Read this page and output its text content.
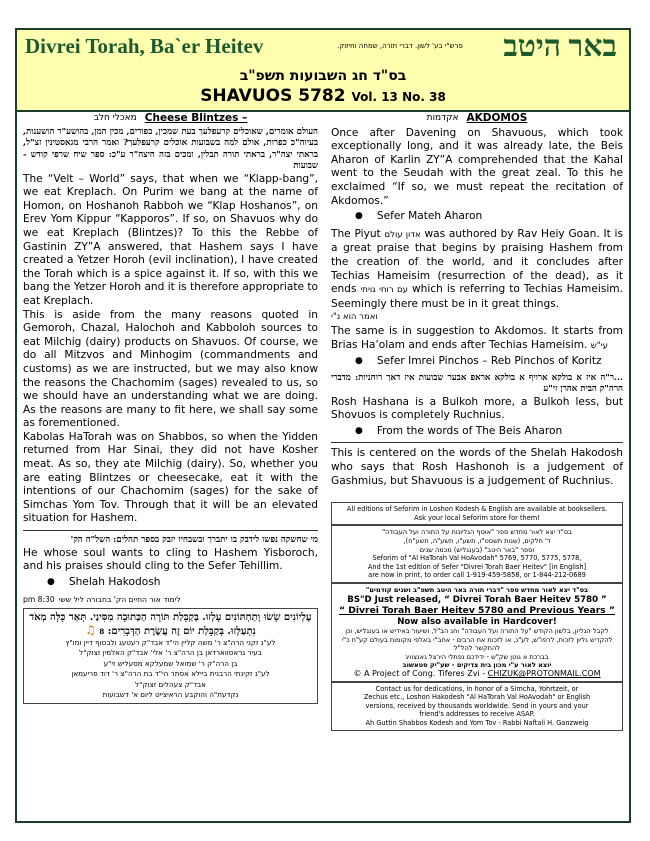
Divrei Torah, Ba`er Heitev	פרש"י בע' לשון. דברי תורה, שמחה וחיזוק. באר היטב
בס"ד חג השבועות תשפ"ב
SHAVUOS 5782 Vol. 13 No. 38
מאכלי חלב Cheese Blintzes –
העולם אומרים, שאוכלים קרעפלעך בעת שמכין, בפורים, מכין המן, בהושע"ר הושענות, בעיוה"כ כפרות, אולם למה בשבועות אוכלים קרעפלעך? ואמר הרבי מגאסטינין זצ"ל, בראתי יצה"ר, בראתי תורה תבלין, ומכים בזה היצה"ר ע"כ: ספר שיח שרפי קודש - שבועות

The “Velt – World” says, that when we “Klapp-bang”, we eat Kreplach. On Purim we bang at the name of Homon, on Hoshanoh Rabboh we “Klap Hoshanos”, on Erev Yom Kippur “Kapporos”. If so, on Shavuos why do we eat Kreplach (Blintzes)? To this the Rebbe of Gastinin ZY”A answered, that Hashem says I have created a Yetzer Horoh (evil inclination), I have created the Torah which is a spice against it. If so, with this we bang the Yetzer Horoh and it is therefore appropriate to eat Kreplach.

This is aside from the many reasons quoted in Gemoroh, Chazal, Halochoh and Kabboloh sources to eat Milchig (dairy) products on Shavuos. Of course, we do all Mitzvos and Minhogim (commandments and customs) as we are instructed, but we may also know the reasons the Chachomim (sages) revealed to us, so we should have an understanding what we are doing. As the reasons are many to fit here, we shall say some as forementioned.

Kabolas HaTorah was on Shabbos, so when the Yidden returned from Har Sinai, they did not have Kosher meat. As so, they ate Milchig (dairy). So, whether you are eating Blintzes or cheesecake, eat it with the intentions of our Chachomim (sages) for the sake of Simchas Yom Tov. Through that it will be an elevated situation for Hashem.

מי שחשקה נפשו לידבק בו יתברך ובשבחיו יזבק בספר תהלים: השל"ה הק'

He whose soul wants to cling to Hashem Yisboroch, and his praises should cling to the Sefer Tehillim.

● Shelah Hakodosh
לימוד אור החיים הק' בחבורה ליל ששי
8:30 pm
עֶלְיוֹנִים שָׂשׂוּ וְתַחְתּוֹנִים עָלְזוּ. בְּקַבָּלַת תּוֹרָה הַכְּתוּבָה מִסִּינַי. תְּאַר כָּלָּה מְאֹד נִתְעַלְּזוּ. בְּקַבָּלַת יוֹם זֶה עֲשֶׂרֶת הַדְּבָרִים: 8 ♫
לע"נ זקני הרה"צ ר' משה קליין הי"ד אבד"ק רעטעג ולבסוף דיין ומו"ץ
בעיר גראסווארדאן בן הרה"צ ר' אלי' אבד"ק האלמין זצוק"ל
בן הרה"ק ר' שמואל שמעלקא מסעליש זי"ע
לע"נ זקינתי הרבנית ביילא אסתר הי"ד בת הרה"צ ר' דוד פריעמאן
אבד"ק צעהלים זצוק"ל
נקדעת"ה והוקבע הראיצייט ליום א' דשבועות
אקדמות AKDOMOS

Once after Davening on Shavuous, which took exceptionally long, and it was already late, the Beis Aharon of Karlin ZY”A comprehended that the Kahal went to the Seudah with the great zeal. To this he exclaimed “If so, we must repeat the recitation of Akdomos.”

● Sefer Mateh Aharon

The Piyut אדון עולם was authored by Rav Heiy Goan. It is a great praise that begins by praising Hashem from the creation of the world, and it concludes after Techias Hameisim (resurrection of the dead), as it ends עם רוחי גויתי which is referring to Techias Hameisim. Seemingly there must be in it great things.

ואמר הוא נ"י

The same is in suggestion to Akdomos. It starts from Brias Ha’olam and ends after Techias Hameisim. עי"ש

● Sefer Imrei Pinchos – Reb Pinchos of Koritz
...ר"ה איז א בולקא ארויף א בולקא אראפ אבער שבועות איז דאך רוחניות: מדברי הרה"ק הבית אהרן זי"ע

Rosh Hashana is a Bulkoh more, a Bulkoh less, but Shovuos is completely Ruchnius.

● From the words of The Beis Aharon

This is centered on the words of the Shelah Hakodosh who says that Rosh Hashonoh is a judgement of Gashmius, but Shavuous is a judgement of Ruchnius.

All editions of Seforim in Loshon Kodesh & English are available at booksellers.
Ask your local Seforim store for them!
בס"ד יצא לאור מחדש ספר "אוסף הגליונות על התורה ועל העבודה"
ד' חלקים, (שנות תשסט"ו, תשע"ו, תשע"ה, תשע"ח),
וספר "באר היטב" (בענגליש) מכמה שנים
Seforim of "Al HaTorah Val HoAvodah" 5769, 5770, 5775, 5778,
And the 1st edition of Sefer "Divrei Torah Baer Heitev" [in English]
are now in print, to order call 1-919-459-5858, or 1-844-212-0689
בס"ד יצא לאור מחדש ספר "דברי תורה באר היטב תשפ"ב ושנים קודמים"
BS"D Just released, “ Divrei Torah Baer Heitev 5780 ”
“ Divrei Torah Baer Heitev 5780 and Previous Years ”
Now also available in Hardcover!
לקבל הגליון, בלשון הקודש "על התורה ועל העבודה" וחג הב"ל, ושיעור באידיש או בענגליש, וכן להקדיש גליון לזכות, לרפו"ש, לע"נ, או לזכות את הרבים - אחב"י באלפי מקומות בעולם קע"ח כ"י להתקשר להל"ל
בברכת א גוטן שק"ש - ידידכם נפתלי הירצל גאנצוויג
יוצא לאור ע"י מכון בית צדיקים - שע"יק סטאשוב
© A Project of Cong. Tiferes Zvi - CHIZUK@PROTONMAIL.COM
Contact us for dedications, in honor of a Simcha, Yohrtzeit, or
Zechus etc., Loshon Hakodesh "Al HaTorah Val HoAvodah" or English
versions, received by thousands worldwide. Send in yours and your
friend's addresses to receive ASAP.
Ah Guttin Shabbos Kodesh and Yom Tov - Rabbi Naftali H. Ganzweig
